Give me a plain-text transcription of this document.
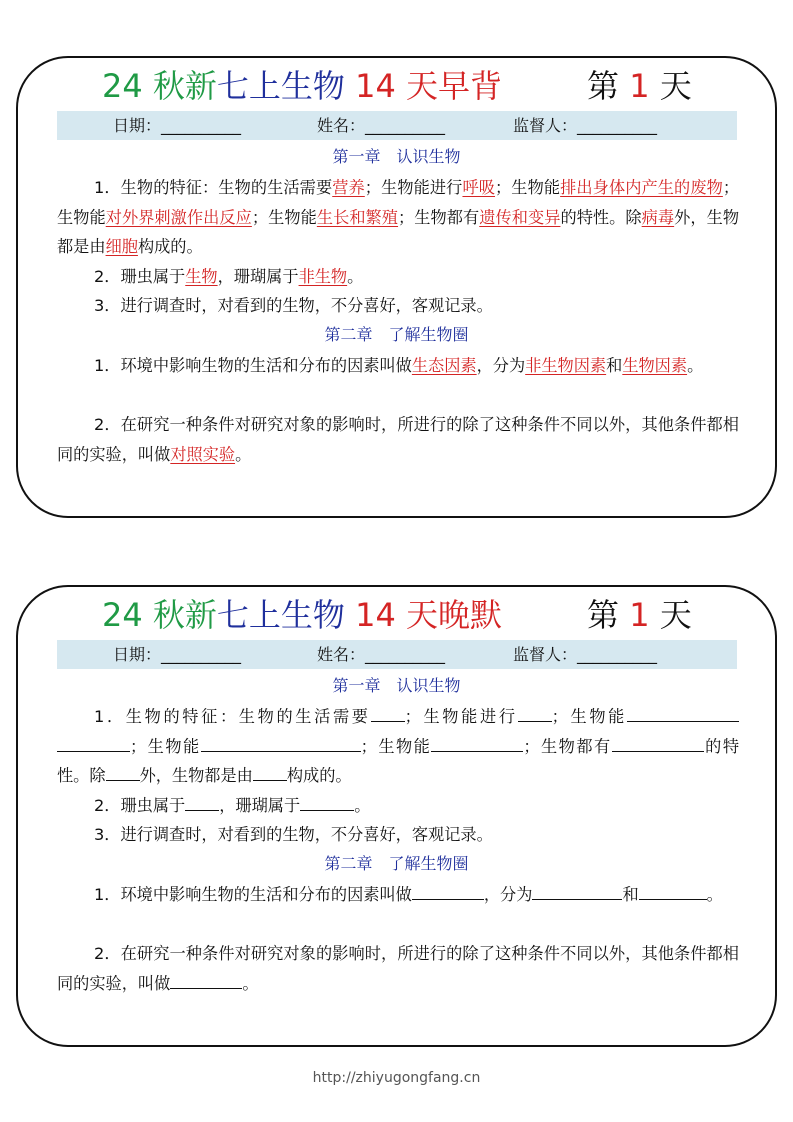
24 秋新七上生物 14 天早背	第 1 天
日期：__________	姓名：__________	监督人：__________
第一章　认识生物
1．生物的特征：生物的生活需要营养；生物能进行呼吸；生物能排出身体内产生的废物；生物能对外界刺激作出反应；生物能生长和繁殖；生物都有遗传和变异的特性。除病毒外，生物都是由细胞构成的。
2．珊虫属于生物，珊瑚属于非生物。
3．进行调查时，对看到的生物，不分喜好，客观记录。
第二章　了解生物圈
1．环境中影响生物的生活和分布的因素叫做生态因素，分为非生物因素和生物因素。
2．在研究一种条件对研究对象的影响时，所进行的除了这种条件不同以外，其他条件都相同的实验，叫做对照实验。
24 秋新七上生物 14 天晚默	第 1 天
日期：__________	姓名：__________	监督人：__________
第一章　认识生物
1．生物的特征：生物的生活需要 ；生物能进行 ；生物能；生物能	；生物能	；生物都有	的特性。除 外，生物都是由 构成的。
2．珊虫属于 ，珊瑚属于	。
3．进行调查时，对看到的生物，不分喜好，客观记录。
第二章　了解生物圈
1．环境中影响生物的生活和分布的因素叫做	，分为	和	。
2．在研究一种条件对研究对象的影响时，所进行的除了这种条件不同以外，其他条件都相同的实验，叫做	。
http://zhiyugongfang.cn
